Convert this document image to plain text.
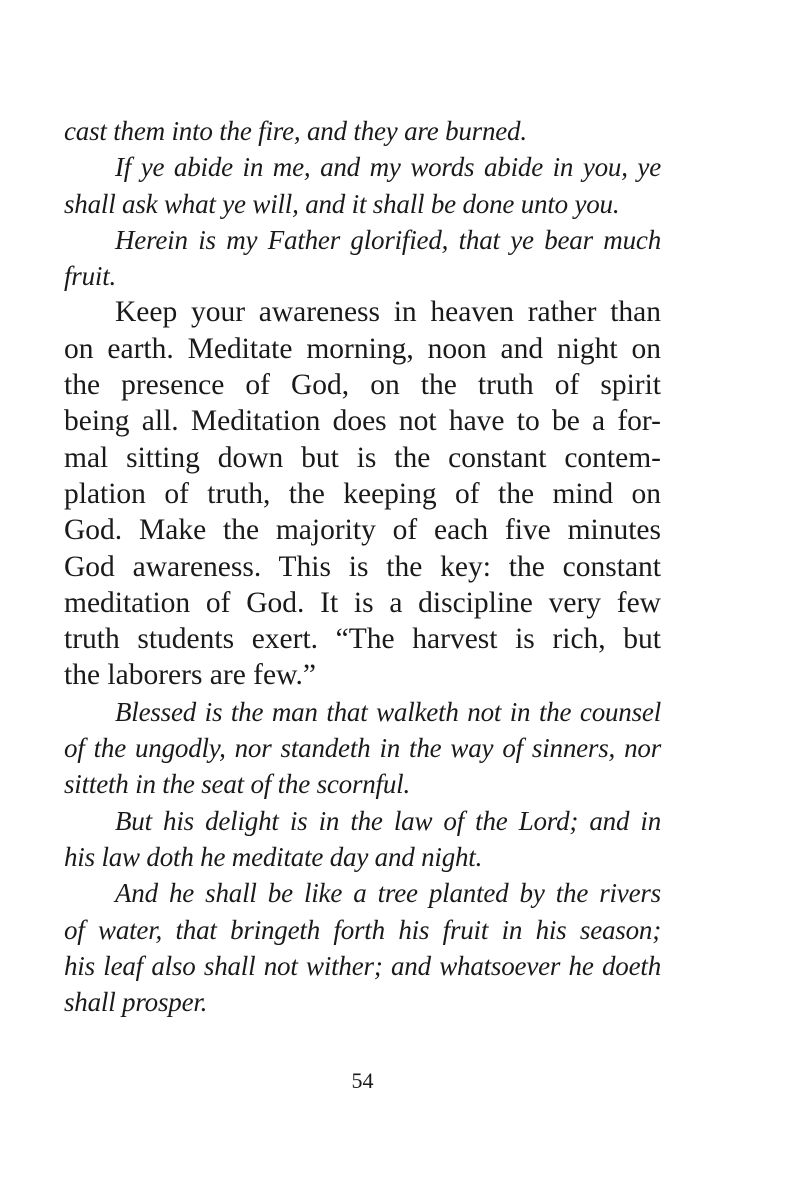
cast them into the fire, and they are burned.
If ye abide in me, and my words abide in you, ye
shall ask what ye will, and it shall be done unto you.
Herein is my Father glorified, that ye bear much
fruit.
Keep your awareness in heaven rather than
on earth. Meditate morning, noon and night on
the presence of God, on the truth of spirit
being all. Meditation does not have to be a for-
mal sitting down but is the constant contem-
plation of truth, the keeping of the mind on
God. Make the majority of each five minutes
God awareness. This is the key: the constant
meditation of God. It is a discipline very few
truth students exert. “The harvest is rich, but
the laborers are few.”
Blessed is the man that walketh not in the counsel
of the ungodly, nor standeth in the way of sinners, nor
sitteth in the seat of the scornful.
But his delight is in the law of the Lord; and in
his law doth he meditate day and night.
And he shall be like a tree planted by the rivers
of water, that bringeth forth his fruit in his season;
his leaf also shall not wither; and whatsoever he doeth
shall prosper.
54
